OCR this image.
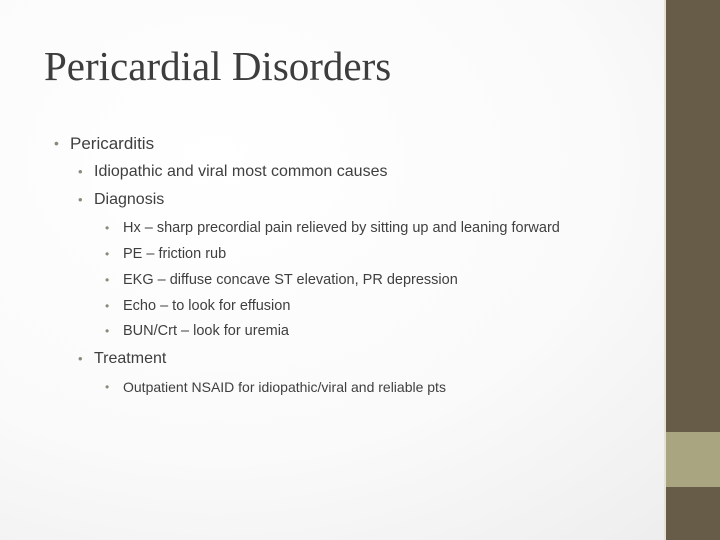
Pericardial Disorders
• Pericarditis
• Idiopathic and viral most common causes
• Diagnosis
• Hx – sharp precordial pain relieved by sitting up and leaning forward
• PE – friction rub
• EKG – diffuse concave ST elevation, PR depression
• Echo – to look for effusion
• BUN/Crt – look for uremia
• Treatment
• Outpatient NSAID for idiopathic/viral and reliable pts
